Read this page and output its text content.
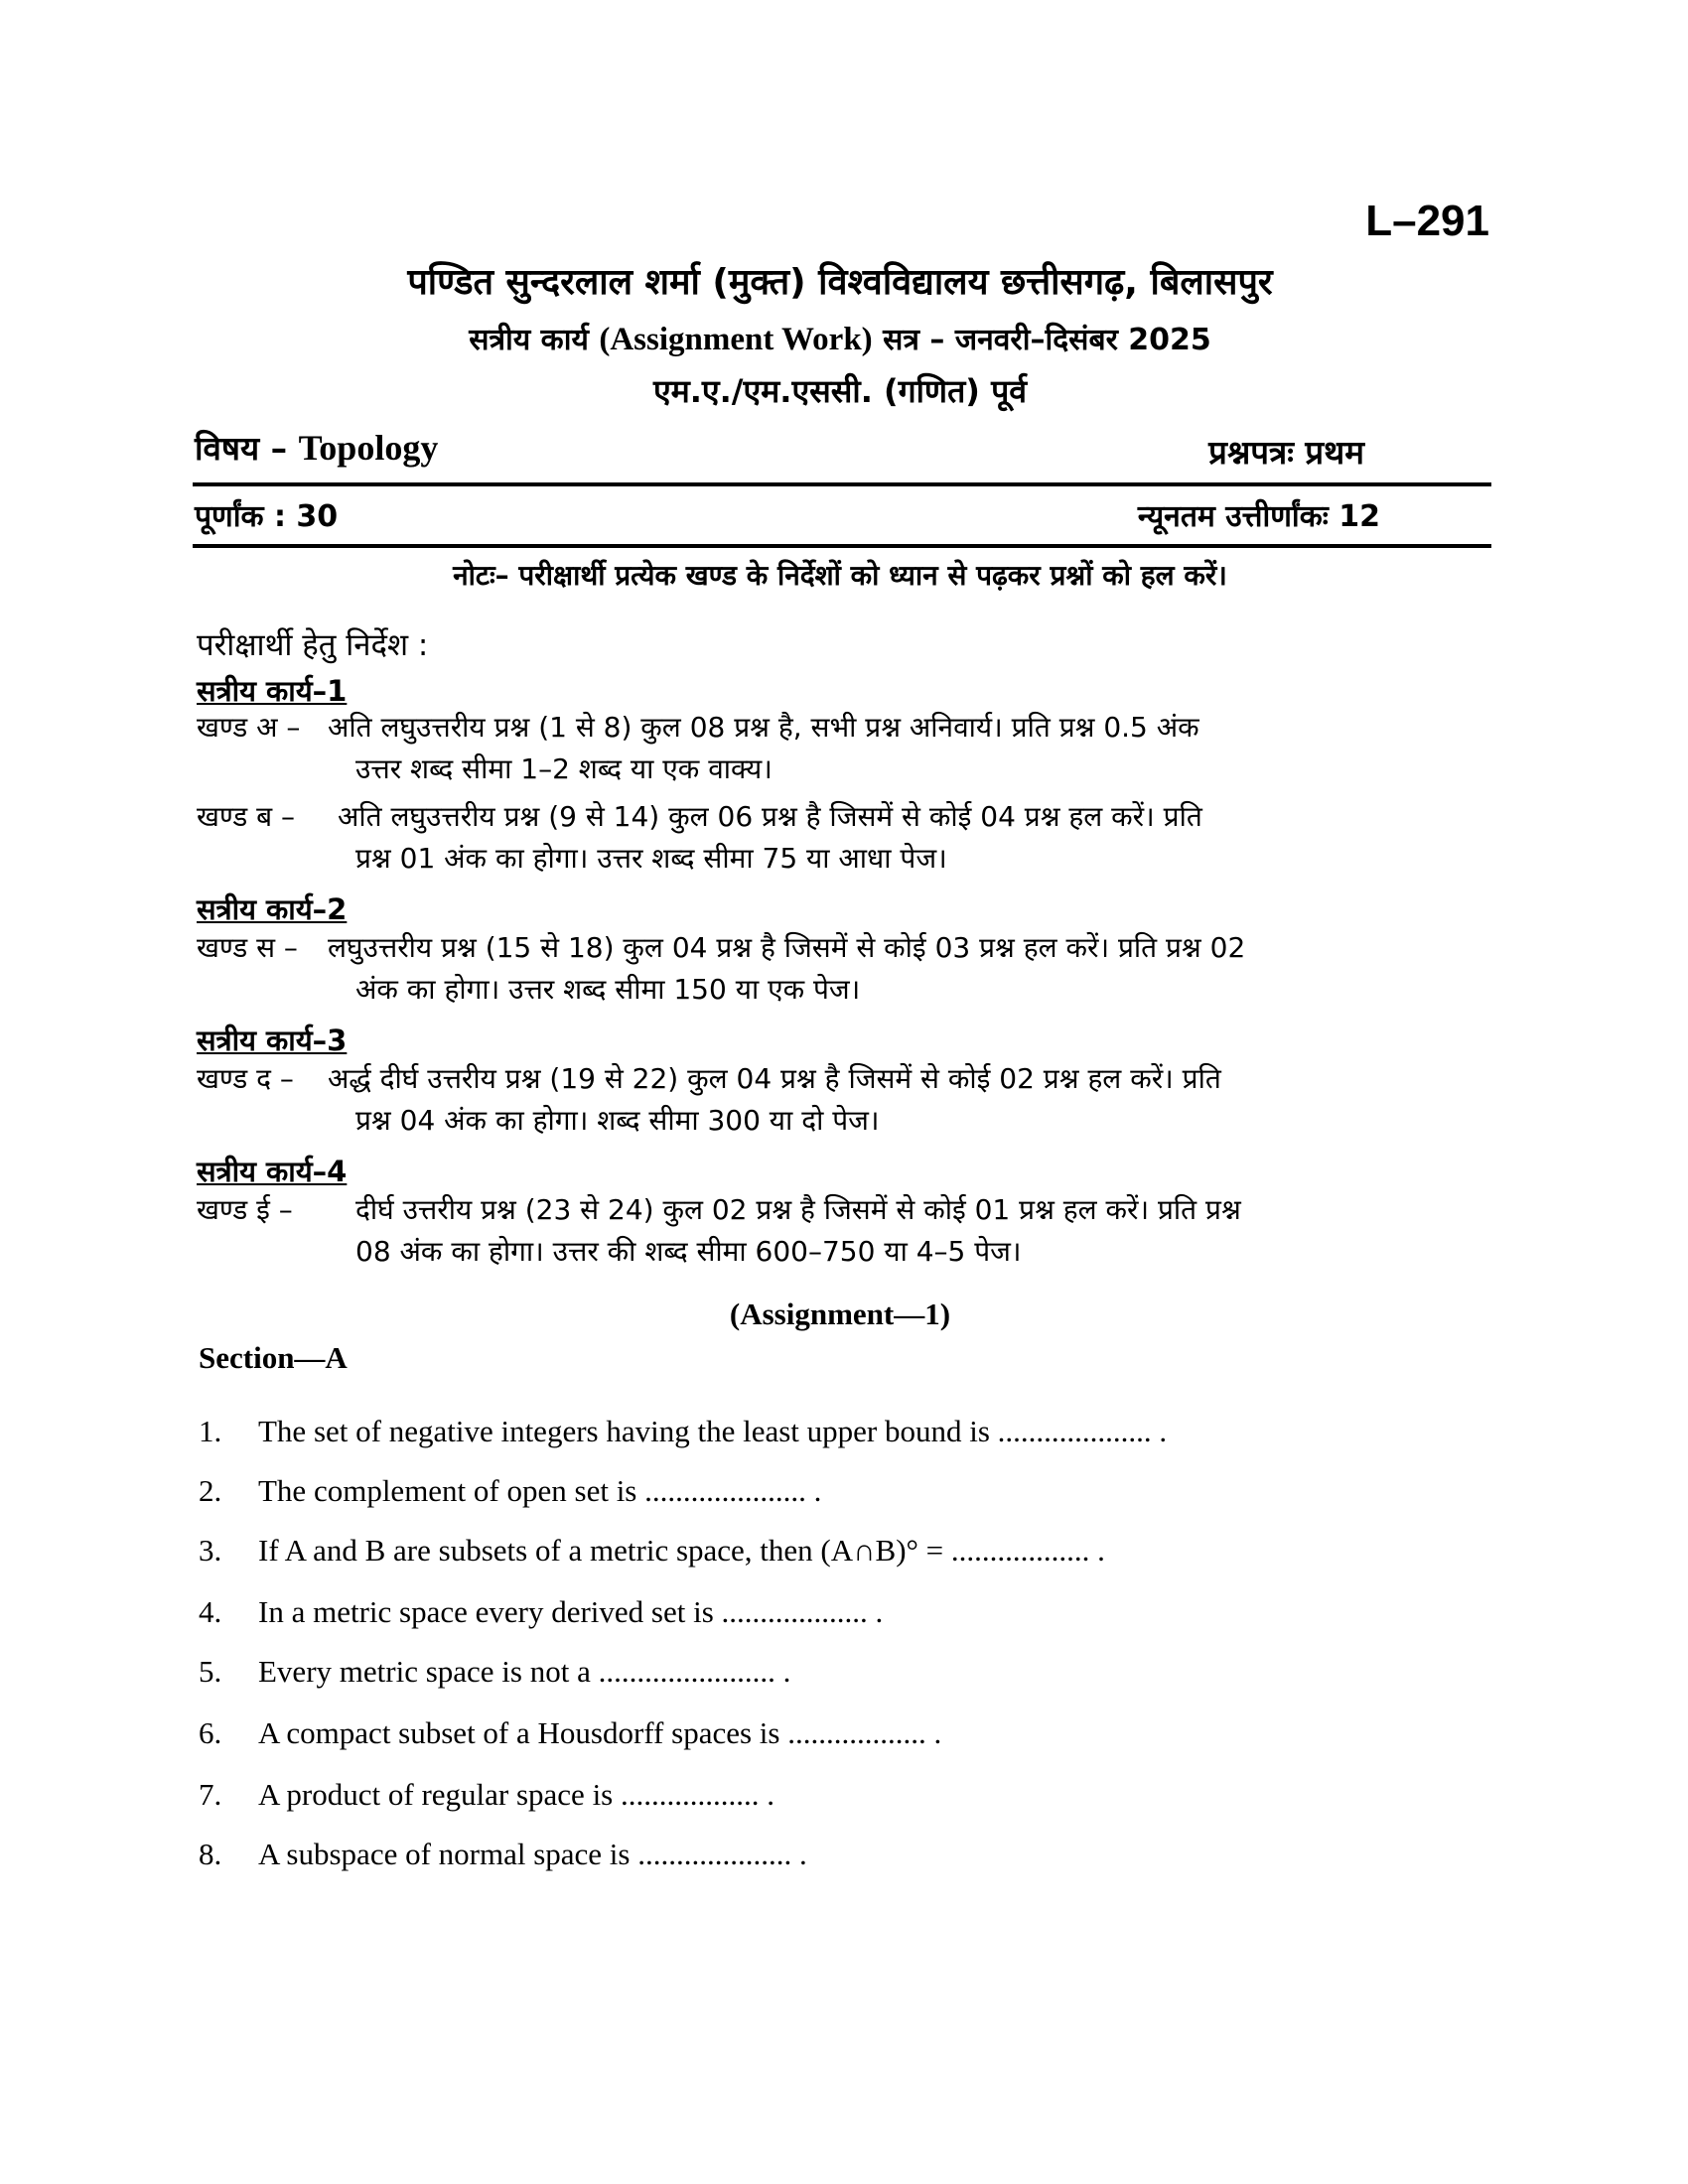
L–291
पण्डित सुन्दरलाल शर्मा (मुक्त) विश्वविद्यालय छत्तीसगढ़, बिलासपुर
सत्रीय कार्य (Assignment Work) सत्र – जनवरी–दिसंबर 2025
एम.ए./एम.एससी. (गणित) पूर्व
विषय – Topology	प्रश्नपत्रः प्रथम
पूर्णांक : 30	न्यूनतम उत्तीर्णांकः 12
नोटः– परीक्षार्थी प्रत्येक खण्ड के निर्देशों को ध्यान से पढ़कर प्रश्नों को हल करें।
परीक्षार्थी हेतु निर्देश :
सत्रीय कार्य–1
खण्ड अ – अति लघुउत्तरीय प्रश्न (1 से 8) कुल 08 प्रश्न है, सभी प्रश्न अनिवार्य। प्रति प्रश्न 0.5 अंक
उत्तर शब्द सीमा 1–2 शब्द या एक वाक्य।
खण्ड ब –	अति लघुउत्तरीय प्रश्न (9 से 14) कुल 06 प्रश्न है जिसमें से कोई 04 प्रश्न हल करें। प्रति
प्रश्न 01 अंक का होगा। उत्तर शब्द सीमा 75 या आधा पेज।
सत्रीय कार्य–2
खण्ड स –	लघुउत्तरीय प्रश्न (15 से 18) कुल 04 प्रश्न है जिसमें से कोई 03 प्रश्न हल करें। प्रति प्रश्न 02
अंक का होगा। उत्तर शब्द सीमा 150 या एक पेज।
सत्रीय कार्य–3
खण्ड द –	अर्द्ध दीर्घ उत्तरीय प्रश्न (19 से 22) कुल 04 प्रश्न है जिसमें से कोई 02 प्रश्न हल करें। प्रति
प्रश्न 04 अंक का होगा। शब्द सीमा 300 या दो पेज।
सत्रीय कार्य–4
खण्ड ई –	दीर्घ उत्तरीय प्रश्न (23 से 24) कुल 02 प्रश्न है जिसमें से कोई 01 प्रश्न हल करें। प्रति प्रश्न
08 अंक का होगा। उत्तर की शब्द सीमा 600–750 या 4–5 पेज।
(Assignment—1)
Section—A
1. The set of negative integers having the least upper bound is .................... .
2. The complement of open set is ..................... .
3. If A and B are subsets of a metric space, then (A∩B)° = .................. .
4. In a metric space every derived set is ................... .
5. Every metric space is not a ....................... .
6. A compact subset of a Housdorff spaces is .................. .
7. A product of regular space is .................. .
8. A subspace of normal space is .................... .
